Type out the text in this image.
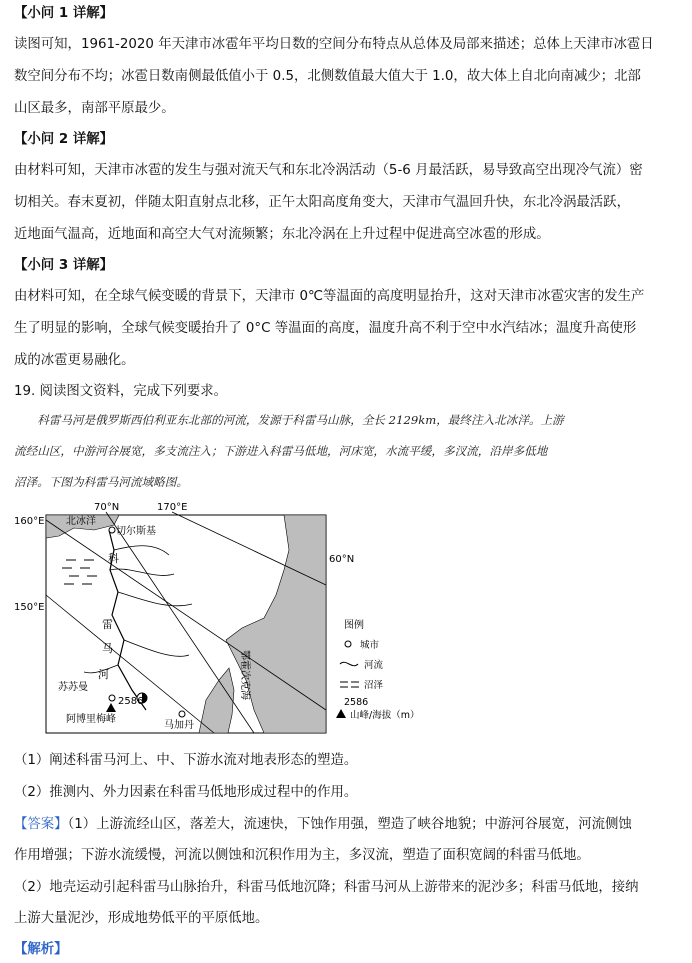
【小问 1 详解】
读图可知，1961-2020 年天津市冰雹年平均日数的空间分布特点从总体及局部来描述；总体上天津市冰雹日
数空间分布不均；冰雹日数南侧最低值小于 0.5，北侧数值最大值大于 1.0，故大体上自北向南减少；北部
山区最多，南部平原最少。
【小问 2 详解】
由材料可知，天津市冰雹的发生与强对流天气和东北冷涡活动（5-6 月最活跃，易导致高空出现冷气流）密
切相关。春末夏初，伴随太阳直射点北移，正午太阳高度角变大，天津市气温回升快，东北冷涡最活跃，
近地面气温高，近地面和高空大气对流频繁；东北冷涡在上升过程中促进高空冰雹的形成。
【小问 3 详解】
由材料可知，在全球气候变暖的背景下，天津市 0℃等温面的高度明显抬升，这对天津市冰雹灾害的发生产
生了明显的影响，全球气候变暖抬升了 0°C 等温面的高度，温度升高不利于空中水汽结冰；温度升高使形
成的冰雹更易融化。
19. 阅读图文资料，完成下列要求。
　　科雷马河是俄罗斯西伯利亚东北部的河流，发源于科雷马山脉，全长 2129km，最终注入北冰洋。上游
流经山区，中游河谷展宽，多支流注入；下游进入科雷马低地，河床宽，水流平缓，多汊流，沿岸多低地
沼泽。下图为科雷马河流域略图。
70°N	170°E
160°E
150°E
60°N
北冰洋
切尔斯基
科
雷
马
河
苏苏曼
2586
阿博里梅峰
马加丹
鄂霍次克海
图例
城市
河流
沼泽
2586
山峰/海拔（m）
（1）阐述科雷马河上、中、下游水流对地表形态的塑造。
（2）推测内、外力因素在科雷马低地形成过程中的作用。
【答案】（1）上游流经山区，落差大，流速快，下蚀作用强，塑造了峡谷地貌；中游河谷展宽，河流侧蚀
作用增强；下游水流缓慢，河流以侧蚀和沉积作用为主，多汊流，塑造了面积宽阔的科雷马低地。
（2）地壳运动引起科雷马山脉抬升，科雷马低地沉降；科雷马河从上游带来的泥沙多；科雷马低地，接纳
上游大量泥沙，形成地势低平的平原低地。
【解析】
